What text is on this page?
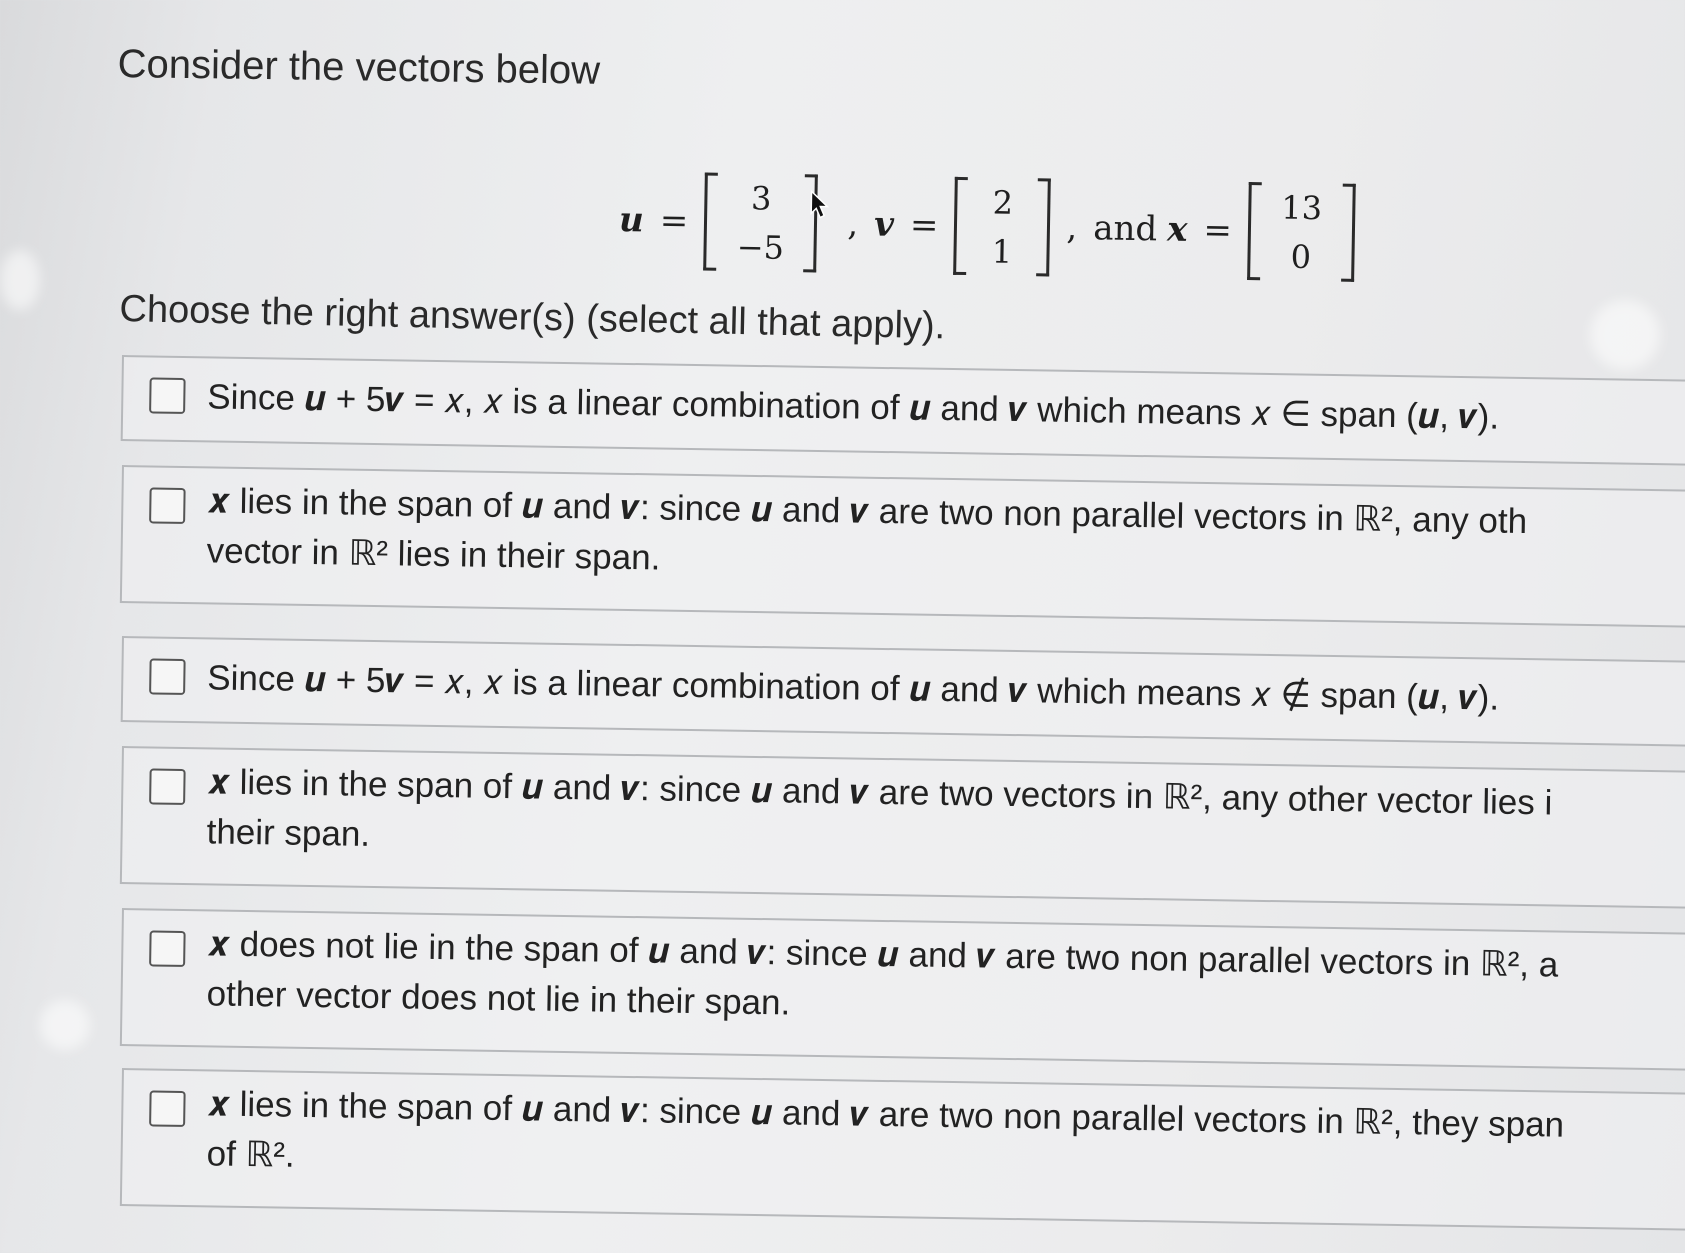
Consider the vectors below
u =
3
−5
, v =
2
1
, and x =
13
0
Choose the right answer(s) (select all that apply).
Since 𝒖 + 5𝒗 = 𝑥, 𝑥 is a linear combination of 𝒖 and 𝒗 which means 𝑥 ∈ span (𝒖, 𝒗).
𝒙 lies in the span of 𝒖 and 𝒗: since 𝒖 and 𝒗 are two non parallel vectors in ℝ², any oth
vector in ℝ² lies in their span.
Since 𝒖 + 5𝒗 = 𝑥, 𝑥 is a linear combination of 𝒖 and 𝒗 which means 𝑥 ∉ span (𝒖, 𝒗).
𝒙 lies in the span of 𝒖 and 𝒗: since 𝒖 and 𝒗 are two vectors in ℝ², any other vector lies i
their span.
𝒙 does not lie in the span of 𝒖 and 𝒗: since 𝒖 and 𝒗 are two non parallel vectors in ℝ², a
other vector does not lie in their span.
𝒙 lies in the span of 𝒖 and 𝒗: since 𝒖 and 𝒗 are two non parallel vectors in ℝ², they span
of ℝ².
